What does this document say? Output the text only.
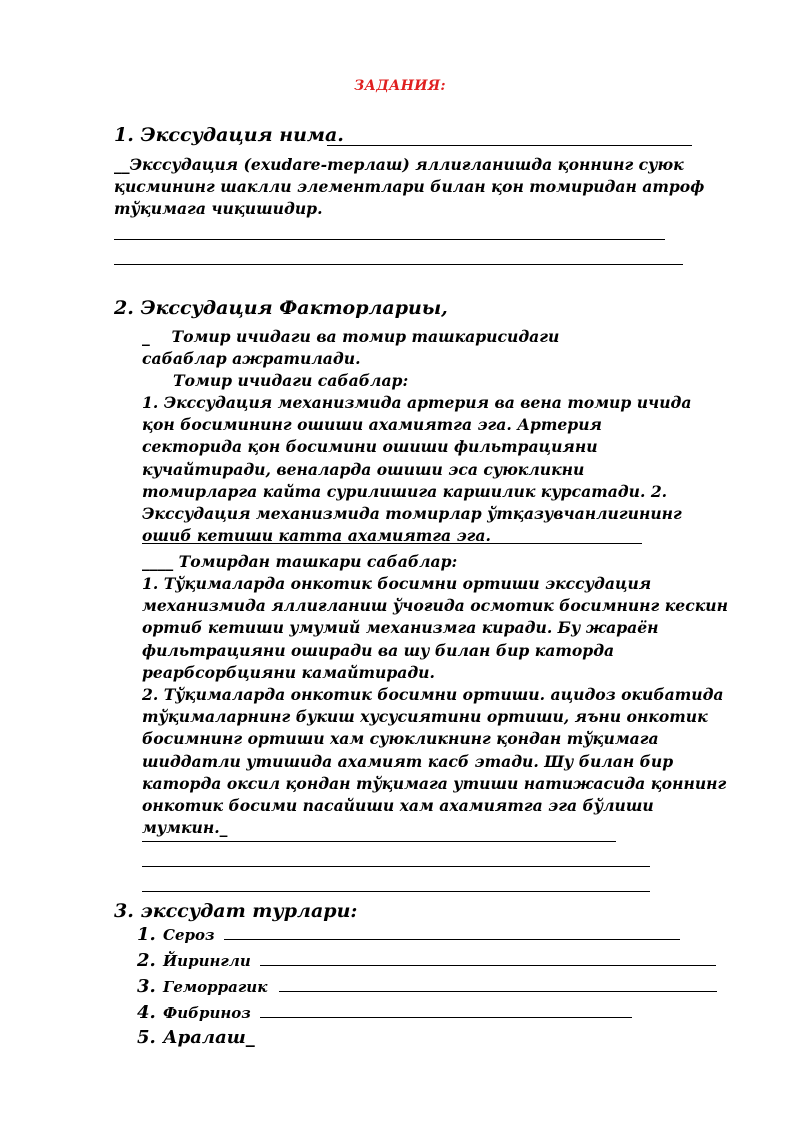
ЗАДАНИЯ:
1. Экссудация нима.
__Экссудация (exudare-терлаш) яллиғланишда қоннинг суюк қисмининг шаклли элементлари билан қон томиридан атроф тўқимага чиқишидир.
2. Экссудация Факторлариы,
_ Томир ичидаги ва томир ташкарисидаги сабаблар ажратилади.
Томир ичидаги сабаблар:
1. Экссудация механизмида артерия ва вена томир ичида қон босимининг ошиши ахамиятга эга. Артерия секторида қон босимини ошиши фильтрацияни кучайтиради, веналарда ошиши эса суюкликни томирларга кайта сурилишига каршилик курсатади. 2. Экссудация механизмида томирлар ўтқазувчанлигининг ошиб кетиши катта ахамиятга эга.
____ Томирдан ташкари сабаблар:
1. Тўқималарда онкотик босимни ортиши экссудация механизмида яллиғланиш ўчоғида осмотик босимнинг кескин ортиб кетиши умумий механизмга киради. Бу жараён фильтрацияни оширади ва шу билан бир каторда реарбсорбцияни камайтиради.
2. Тўқималарда онкотик босимни ортиши. ацидоз окибатида тўқималарнинг букиш хусусиятини ортиши, яъни онкотик босимнинг ортиши хам суюкликнинг қондан тўқимага шиддатли утишида ахамият касб этади. Шу билан бир каторда оксил қондан тўқимага утиши натижасида қоннинг онкотик босими пасайиши хам ахамиятга эга бўлиши мумкин._
3. экссудат турлари:
1. Сероз
2. Йирингли
3. Геморрагик
4. Фибриноз
5. Аралаш_
